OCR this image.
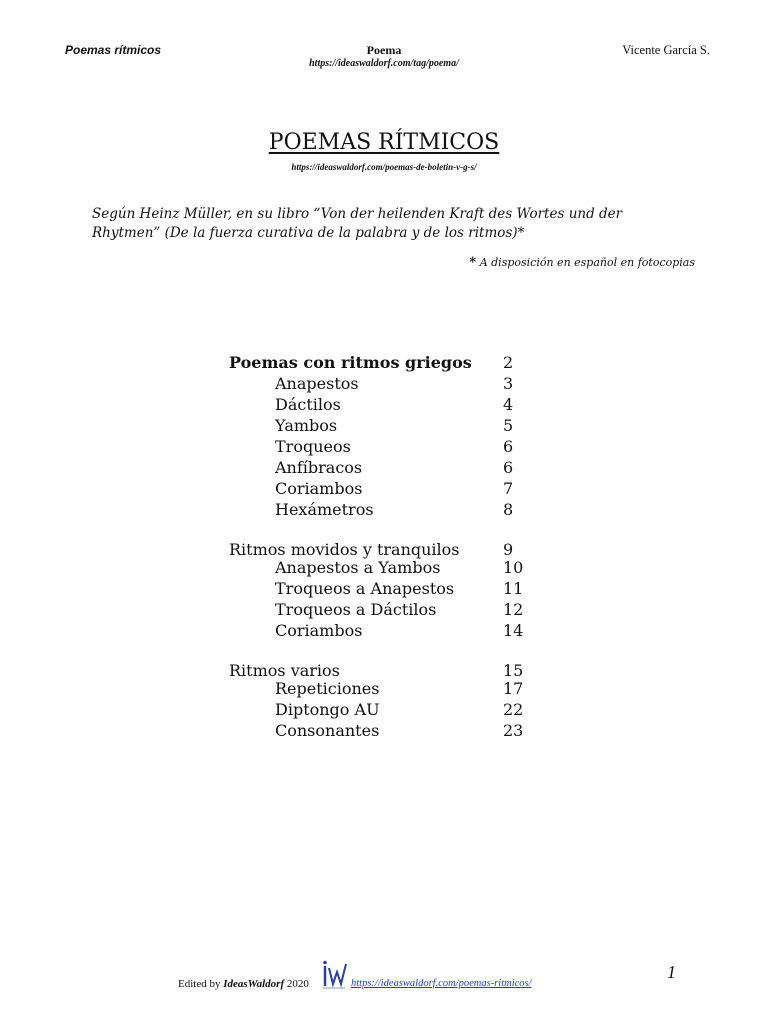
Poemas rítmicos	Poema
https://ideaswaldorf.com/tag/poema/
Vicente García S.
POEMAS RÍTMICOS
https://ideaswaldorf.com/poemas-de-boletin-v-g-s/
Según Heinz Müller, en su libro “Von der heilenden Kraft des Wortes und der Rhytmen” (De la fuerza curativa de la palabra y de los ritmos)*
* A disposición en español en fotocopias
Poemas con ritmos griegos 2
Anapestos	3
Dáctilos	4
Yambos	5
Troqueos	6
Anfíbracos	6
Coriambos	7
Hexámetros	8
Ritmos movidos y tranquilos	9
Anapestos a Yambos	10
Troqueos a Anapestos	11
Troqueos a Dáctilos	12
Coriambos	14
Ritmos varios	15
Repeticiones	17
Diptongo AU	22
Consonantes	23
Edited by IdeasWaldorf 2020	https://ideaswaldorf.com/poemas-ritmicos/
1
